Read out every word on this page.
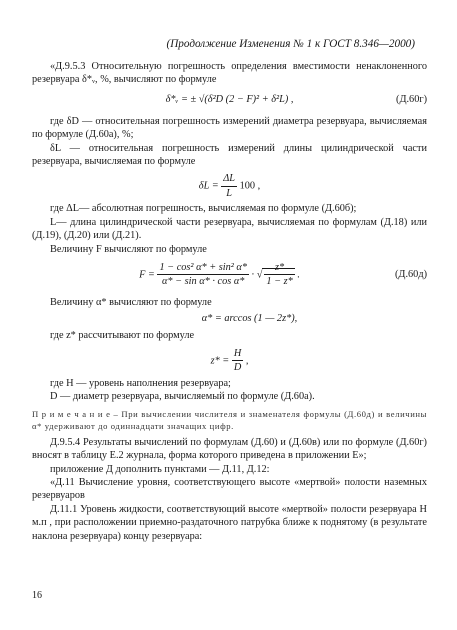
(Продолжение Изменения № 1 к ГОСТ 8.346—2000)

«Д.9.5.3 Относительную погрешность определения вместимости ненаклоненного резервуара δ*ᵥ, %, вычисляют по формуле

δ*ᵥ = ± √(δ²D (2 − F)² + δ²L) ,	(Д.60г)

где δD — относительная погрешность измерений диаметра резервуара, вычисляемая по формуле (Д.60а), %;

δL — относительная погрешность измерений длины цилиндрической части резервуара, вычисляемая по формуле

$\delta L = \frac{\Delta L}{L} 100$ ,

где ΔL— абсолютная погрешность, вычисляемая по формуле (Д.60б);

L— длина цилиндрической части резервуара, вычисляемая по формулам (Д.18) или (Д.19), (Д.20) или (Д.21).

Величину F вычисляют по формуле

$F = \frac{\text{1 − cos² α* + sin² α*}}{\text{α* − sin α* · cos α*}}$ · √ $\frac{z*}{1 - z*}$ .	(Д.60д)

Величину α* вычисляют по формуле

α* = arccos (1 — 2z*),

где z* рассчитывают по формуле

$z* = \frac{H}{D}$ ,

где H — уровень наполнения резервуара;

D — диаметр резервуара, вычисляемый по формуле (Д.60а).

П р и м е ч а н и е – При вычислении числителя и знаменателя формулы (Д.60д) и величины α* удерживают до одиннадцати значащих цифр.

Д.9.5.4 Результаты вычислений по формулам (Д.60) и (Д.60в) или по формуле (Д.60г) вносят в таблицу Е.2 журнала, форма которого приведена в приложении Е»;

приложение Д дополнить пунктами — Д.11, Д.12:

«Д.11 Вычисление уровня, соответствующего высоте «мертвой» полости наземных резервуаров

Д.11.1 Уровень жидкости, соответствующий высоте «мертвой» полости резервуара H м.п , при расположении приемно-раздаточного патрубка ближе к поднятому (в результате наклона резервуара) концу резервуара:

16
